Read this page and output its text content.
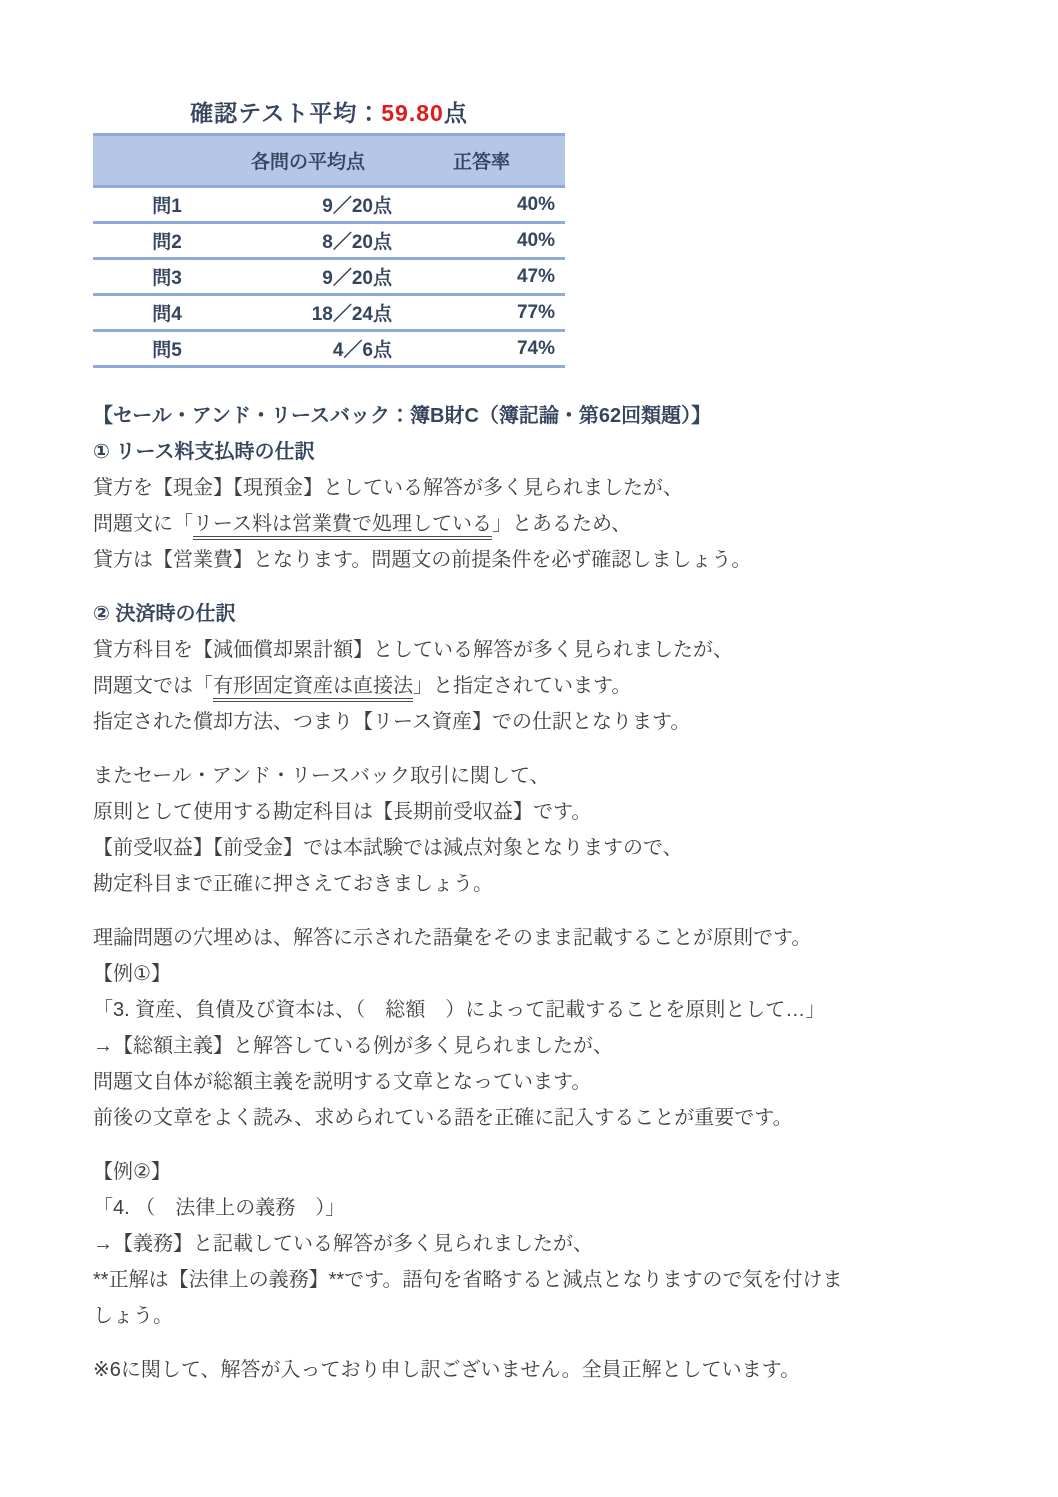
確認テスト平均：59.80点
	各問の平均点	正答率
問1	9／20点	40%
問2	8／20点	40%
問3	9／20点	47%
問4	18／24点	77%
問5	4／6点	74%
【セール・アンド・リースバック：簿B財C（簿記論・第62回類題）】
① リース料支払時の仕訳
貸方を【現金】【現預金】としている解答が多く見られましたが、
問題文に「リース料は営業費で処理している」とあるため、
貸方は【営業費】となります。問題文の前提条件を必ず確認しましょう。
② 決済時の仕訳
貸方科目を【減価償却累計額】としている解答が多く見られましたが、
問題文では「有形固定資産は直接法」と指定されています。
指定された償却方法、つまり【リース資産】での仕訳となります。
またセール・アンド・リースバック取引に関して、
原則として使用する勘定科目は【長期前受収益】です。
【前受収益】【前受金】では本試験では減点対象となりますので、
勘定科目まで正確に押さえておきましょう。
理論問題の穴埋めは、解答に示された語彙をそのまま記載することが原則です。
【例①】
「3. 資産、負債及び資本は、（　総額　）によって記載することを原則として…」
→【総額主義】と解答している例が多く見られましたが、
問題文自体が総額主義を説明する文章となっています。
前後の文章をよく読み、求められている語を正確に記入することが重要です。
【例②】
「4. （　法律上の義務　）」
→【義務】と記載している解答が多く見られましたが、
**正解は【法律上の義務】**です。語句を省略すると減点となりますので気を付けま
しょう。
※6に関して、解答が入っており申し訳ございません。全員正解としています。
